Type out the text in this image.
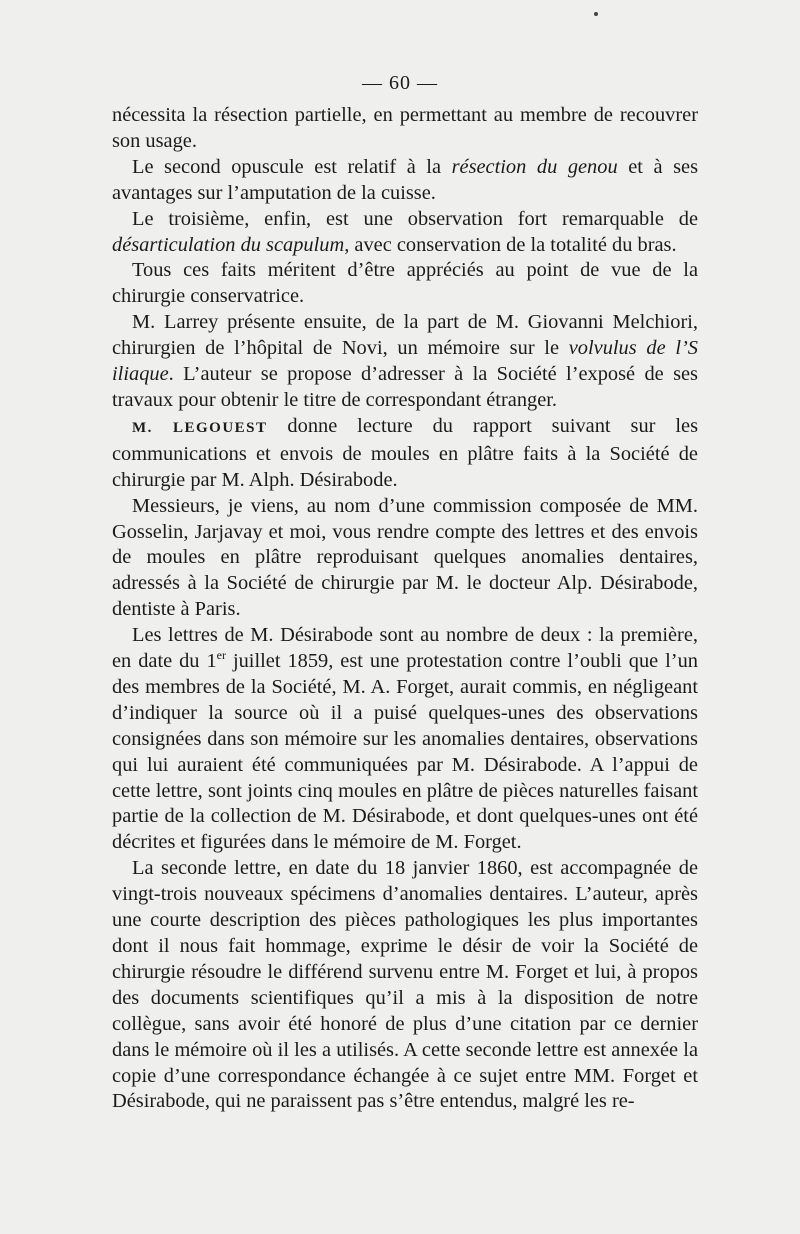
— 60 —

nécessita la résection partielle, en permettant au membre de recouvrer son usage.

Le second opuscule est relatif à la résection du genou et à ses avantages sur l’amputation de la cuisse.

Le troisième, enfin, est une observation fort remarquable de désarticulation du scapulum, avec conservation de la totalité du bras.

Tous ces faits méritent d’être appréciés au point de vue de la chirurgie conservatrice.

M. Larrey présente ensuite, de la part de M. Giovanni Melchiori, chirurgien de l’hôpital de Novi, un mémoire sur le volvulus de l’S iliaque. L’auteur se propose d’adresser à la Société l’exposé de ses travaux pour obtenir le titre de correspondant étranger.

M. LEGOUEST donne lecture du rapport suivant sur les communications et envois de moules en plâtre faits à la Société de chirurgie par M. Alph. Désirabode.

Messieurs, je viens, au nom d’une commission composée de MM. Gosselin, Jarjavay et moi, vous rendre compte des lettres et des envois de moules en plâtre reproduisant quelques anomalies dentaires, adressés à la Société de chirurgie par M. le docteur Alp. Désirabode, dentiste à Paris.

Les lettres de M. Désirabode sont au nombre de deux : la première, en date du 1er juillet 1859, est une protestation contre l’oubli que l’un des membres de la Société, M. A. Forget, aurait commis, en négligeant d’indiquer la source où il a puisé quelques-unes des observations consignées dans son mémoire sur les anomalies dentaires, observations qui lui auraient été communiquées par M. Désirabode. A l’appui de cette lettre, sont joints cinq moules en plâtre de pièces naturelles faisant partie de la collection de M. Désirabode, et dont quelques-unes ont été décrites et figurées dans le mémoire de M. Forget.

La seconde lettre, en date du 18 janvier 1860, est accompagnée de vingt-trois nouveaux spécimens d’anomalies dentaires. L’auteur, après une courte description des pièces pathologiques les plus importantes dont il nous fait hommage, exprime le désir de voir la Société de chirurgie résoudre le différend survenu entre M. Forget et lui, à propos des documents scientifiques qu’il a mis à la disposition de notre collègue, sans avoir été honoré de plus d’une citation par ce dernier dans le mémoire où il les a utilisés. A cette seconde lettre est annexée la copie d’une correspondance échangée à ce sujet entre MM. Forget et Désirabode, qui ne paraissent pas s’être entendus, malgré les re-
